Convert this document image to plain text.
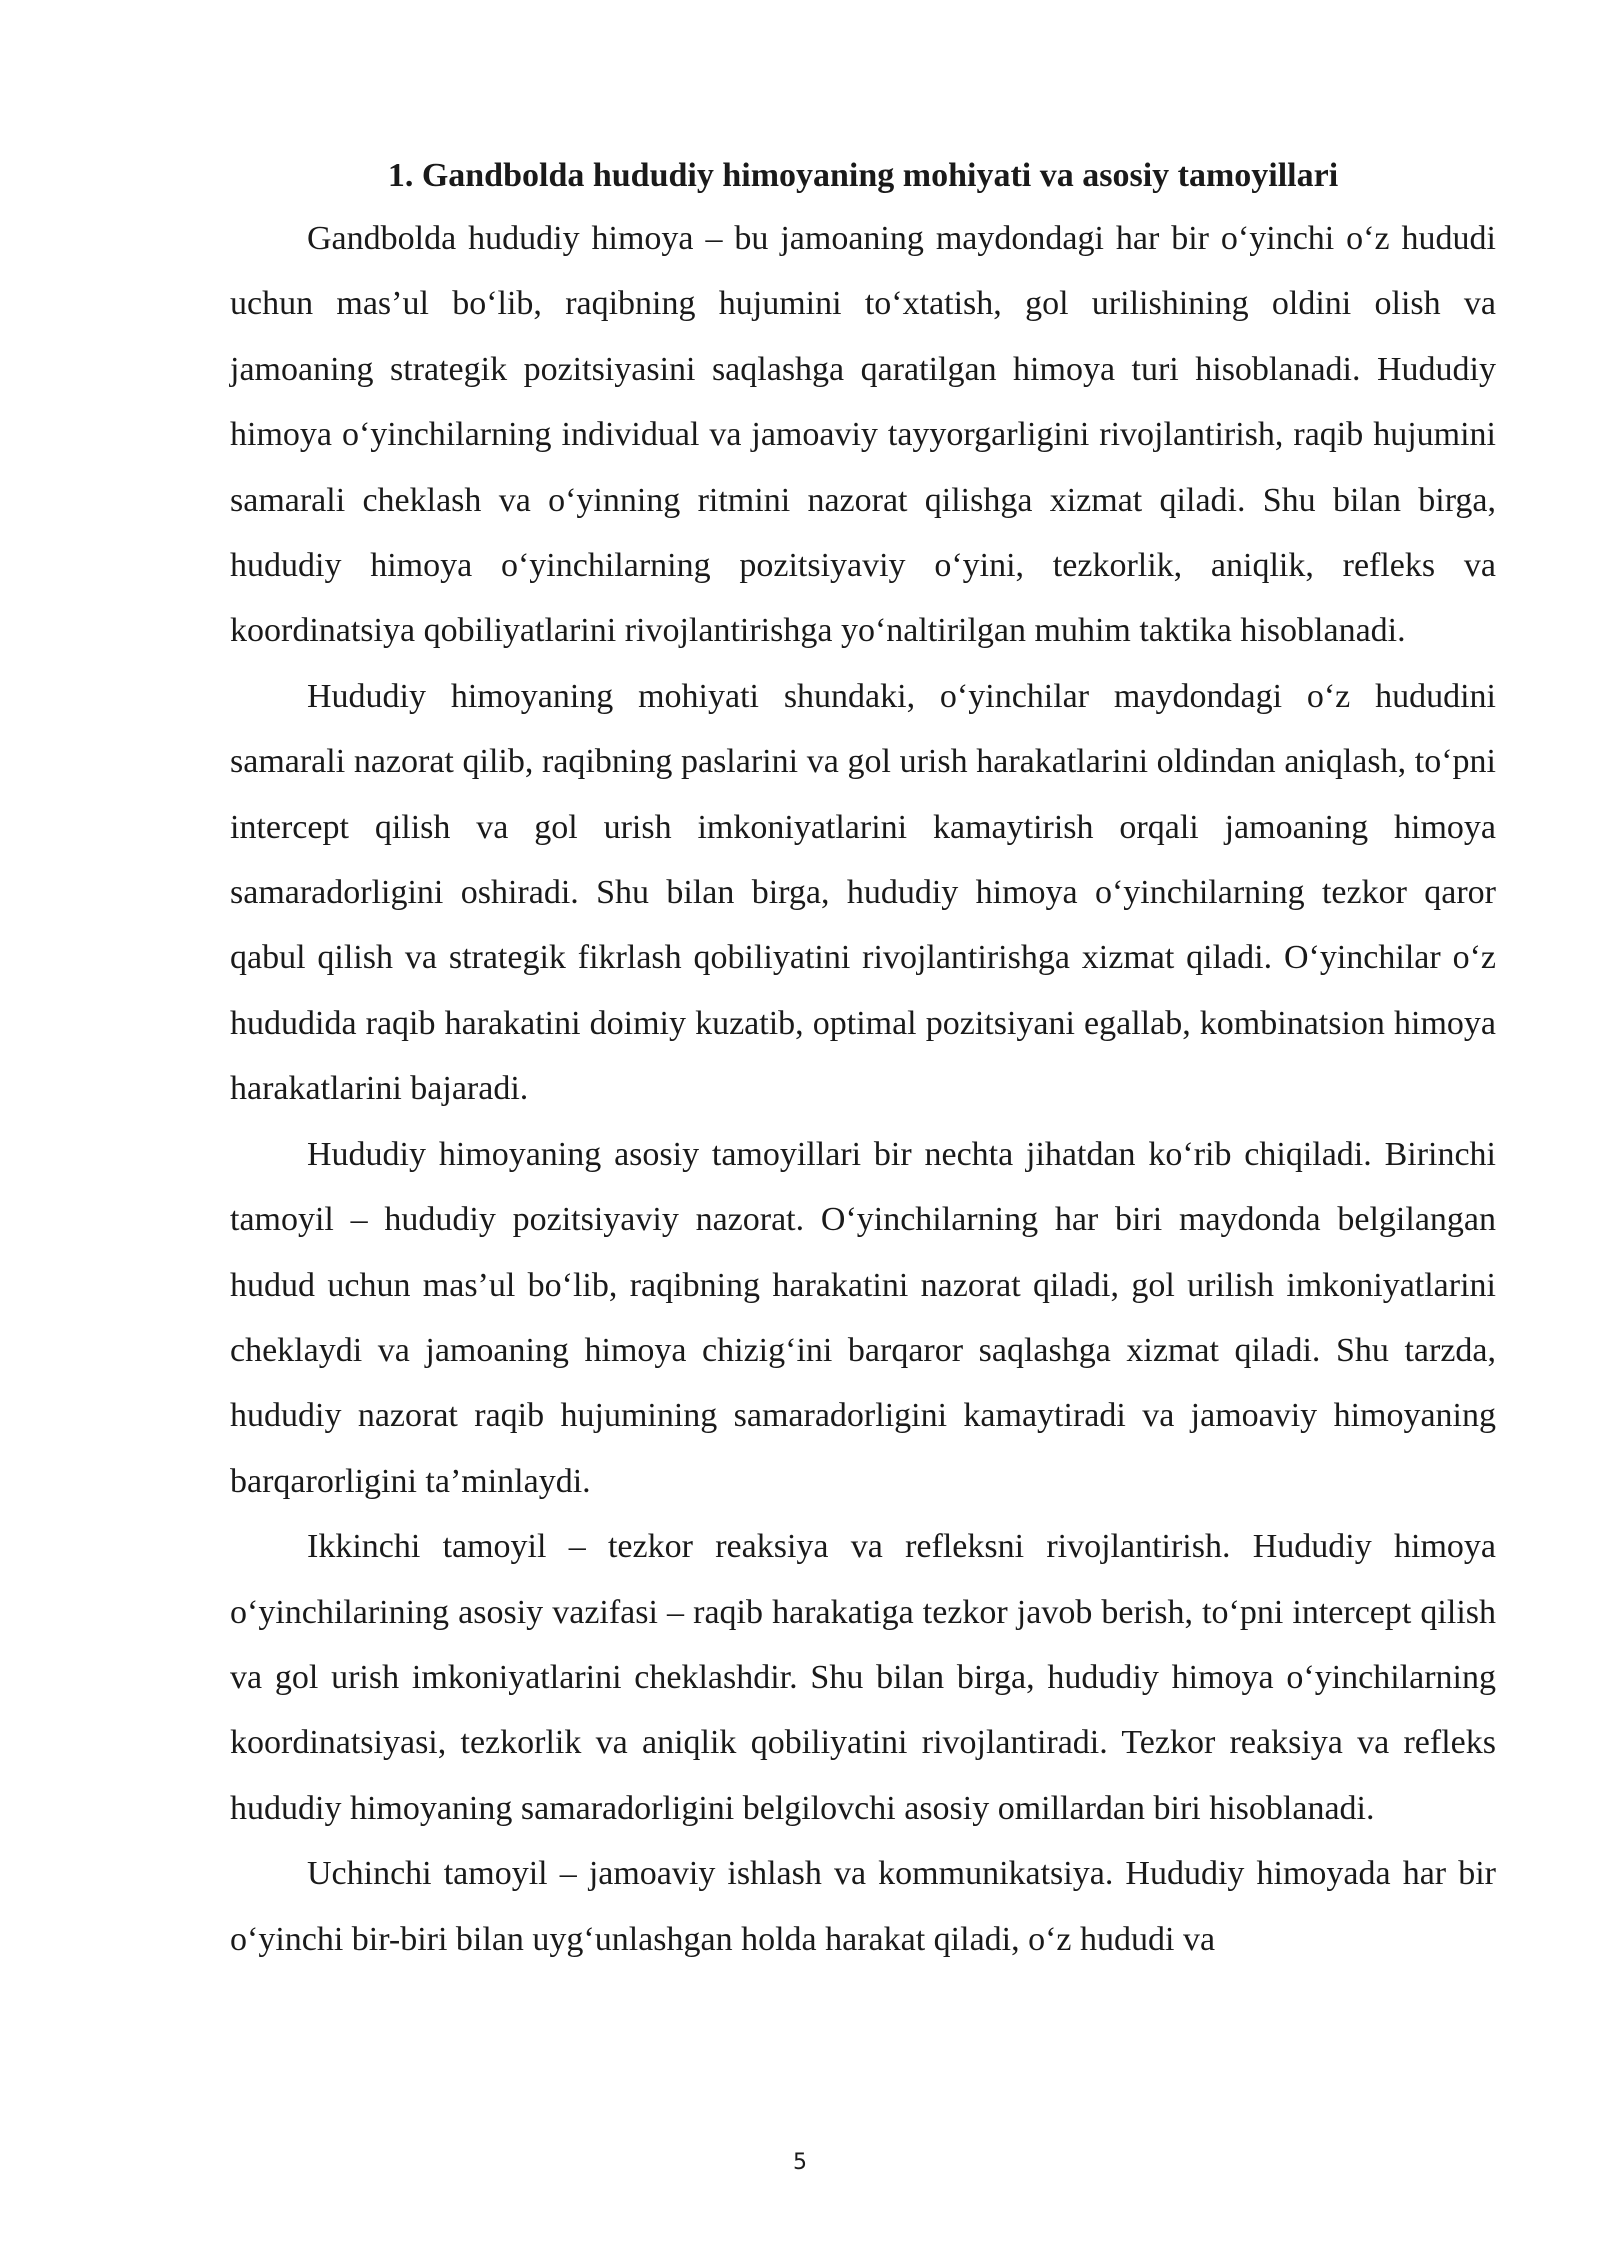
1. Gandbolda hududiy himoyaning mohiyati va asosiy tamoyillari

Gandbolda hududiy himoya – bu jamoaning maydondagi har bir o‘yinchi o‘z hududi uchun mas’ul bo‘lib, raqibning hujumini to‘xtatish, gol urilishining oldini olish va jamoaning strategik pozitsiyasini saqlashga qaratilgan himoya turi hisoblanadi. Hududiy himoya o‘yinchilarning individual va jamoaviy tayyorgarligini rivojlantirish, raqib hujumini samarali cheklash va o‘yinning ritmini nazorat qilishga xizmat qiladi. Shu bilan birga, hududiy himoya o‘yinchilarning pozitsiyaviy o‘yini, tezkorlik, aniqlik, refleks va koordinatsiya qobiliyatlarini rivojlantirishga yo‘naltirilgan muhim taktika hisoblanadi.

Hududiy himoyaning mohiyati shundaki, o‘yinchilar maydondagi o‘z hududini samarali nazorat qilib, raqibning paslarini va gol urish harakatlarini oldindan aniqlash, to‘pni intercept qilish va gol urish imkoniyatlarini kamaytirish orqali jamoaning himoya samaradorligini oshiradi. Shu bilan birga, hududiy himoya o‘yinchilarning tezkor qaror qabul qilish va strategik fikrlash qobiliyatini rivojlantirishga xizmat qiladi. O‘yinchilar o‘z hududida raqib harakatini doimiy kuzatib, optimal pozitsiyani egallab, kombinatsion himoya harakatlarini bajaradi.

Hududiy himoyaning asosiy tamoyillari bir nechta jihatdan ko‘rib chiqiladi. Birinchi tamoyil – hududiy pozitsiyaviy nazorat. O‘yinchilarning har biri maydonda belgilangan hudud uchun mas’ul bo‘lib, raqibning harakatini nazorat qiladi, gol urilish imkoniyatlarini cheklaydi va jamoaning himoya chizig‘ini barqaror saqlashga xizmat qiladi. Shu tarzda, hududiy nazorat raqib hujumining samaradorligini kamaytiradi va jamoaviy himoyaning barqarorligini ta’minlaydi.

Ikkinchi tamoyil – tezkor reaksiya va refleksni rivojlantirish. Hududiy himoya o‘yinchilarining asosiy vazifasi – raqib harakatiga tezkor javob berish, to‘pni intercept qilish va gol urish imkoniyatlarini cheklashdir. Shu bilan birga, hududiy himoya o‘yinchilarning koordinatsiyasi, tezkorlik va aniqlik qobiliyatini rivojlantiradi. Tezkor reaksiya va refleks hududiy himoyaning samaradorligini belgilovchi asosiy omillardan biri hisoblanadi.

Uchinchi tamoyil – jamoaviy ishlash va kommunikatsiya. Hududiy himoyada har bir o‘yinchi bir-biri bilan uyg‘unlashgan holda harakat qiladi, o‘z hududi va

5
